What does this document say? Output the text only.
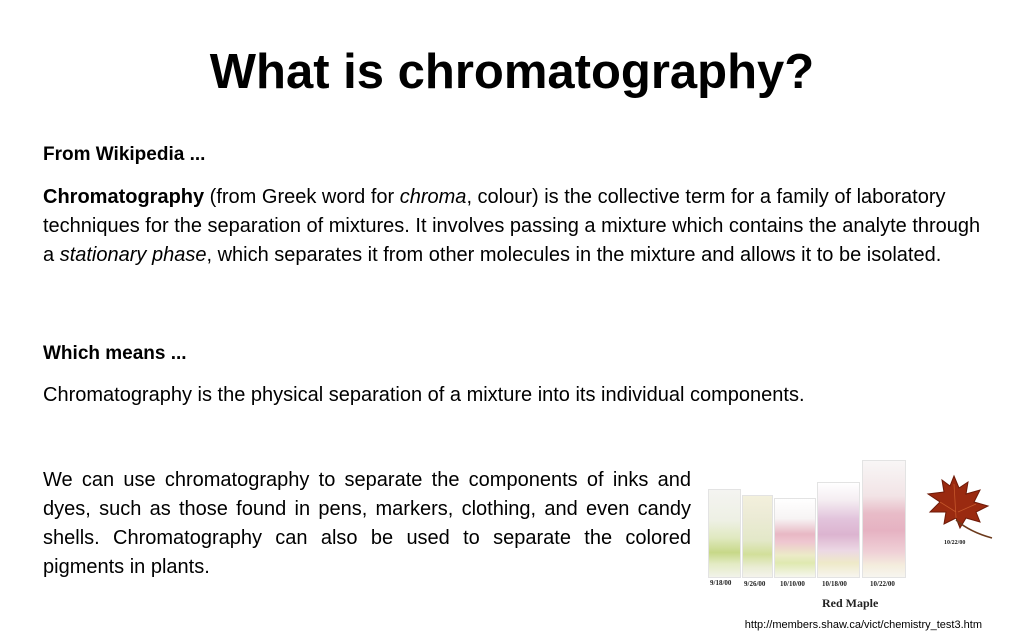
What is chromatography?
From Wikipedia ...
Chromatography (from Greek word for chroma, colour) is the collective term for a family of laboratory techniques for the separation of mixtures. It involves passing a mixture which contains the analyte through a stationary phase, which separates it from other molecules in the mixture and allows it to be isolated.
Which means ...
Chromatography is the physical separation of a mixture into its individual components.
We can use chromatography to separate the components of inks and dyes, such as those found in pens, markers, clothing, and even candy shells. Chromatography can also be used to separate the colored pigments in plants.
9/18/00 9/26/00 10/10/00 10/18/00	10/22/00
10/22/00
Red Maple
http://members.shaw.ca/vict/chemistry_test3.htm
